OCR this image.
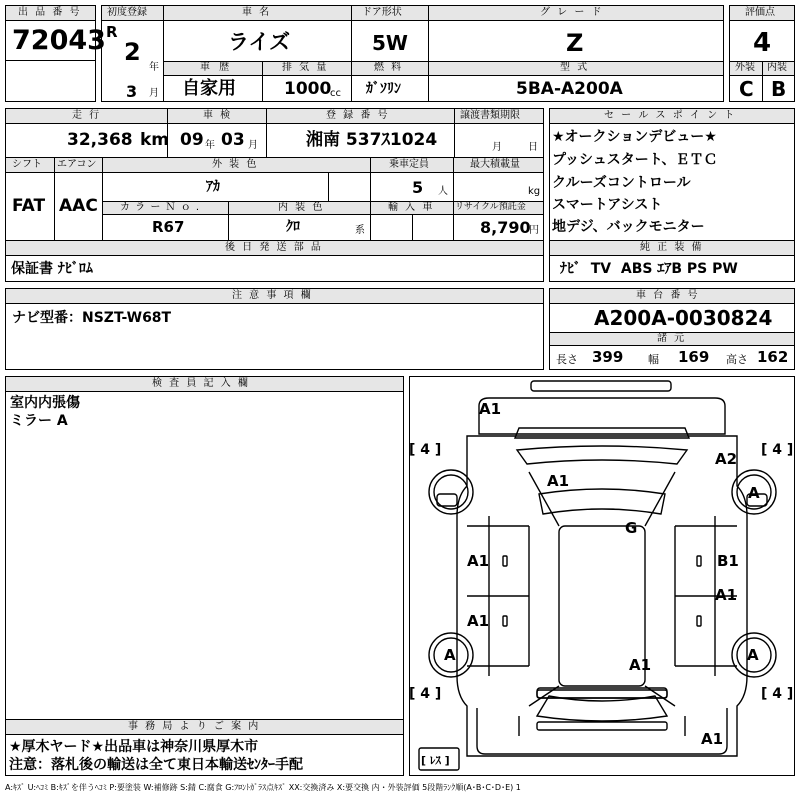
出 品 番 号
72043
初度登録
R
2
年
3 月
車 名
ライズ
ドア形状
5W
グ レ ー ド
Z
評価点
4
車 歴
自家用
排 気 量
1000
cc
燃 料
ｶﾞｿﾘﾝ
型 式
5BA-A200A
外装 内装
C B
走 行
32,368 km
車 検
09 年 03 月
登 録 番 号
湘南 537ｽ1024
譲渡書類期限
月	日
シフト
FAT
エアコン
AAC
外 装 色
ｱｶ
乗車定員
5 人
最大積載量
kg
カ ラ ー Ｎ ｏ .
R67
内 装 色
ｸﾛ	系
輸 入 車 リサイクル預託金
8,790
円
後 日 発 送 部 品
保証書 ﾅﾋﾞﾛﾑ
セ ー ル ス ポ イ ン ト
★オークションデビュー★
プッシュスタート、ＥＴＣ
クルーズコントロール
スマートアシスト
地デジ、バックモニター
純 正 装 備
ﾅﾋﾞ  TV  ABS ｴｱB PS PW
注 意 事 項 欄
ナビ型番：NSZT-W68T
車 台 番 号
A200A-0030824
諸 元
長さ 399 幅 169 高さ 162
検 査 員 記 入 欄
室内内張傷
ミラー A
事 務 局 よ り ご 案 内
★厚木ヤード★出品車は神奈川県厚木市
注意：落札後の輸送は全て東日本輸送ｾﾝﾀｰ手配
A1
A1
A2
A
G
A1	B1
A1
A1
A	A
A1
A1
[ 4 ]	[ 4 ]
[ 4 ]	[ 4 ]
[ ﾚｽ ]
A:ｷｽﾞ U:ﾍｺﾐ B:ｷｽﾞを伴うﾍｺﾐ P:要塗装 W:補修跡 S:錆 C:腐食 G:ﾌﾛﾝﾄｶﾞﾗｽ点ｷｽﾞ XX:交換済み X:要交換 内・外装評価 5段階ﾗﾝｸ順(A･B･C･D･E) 1
